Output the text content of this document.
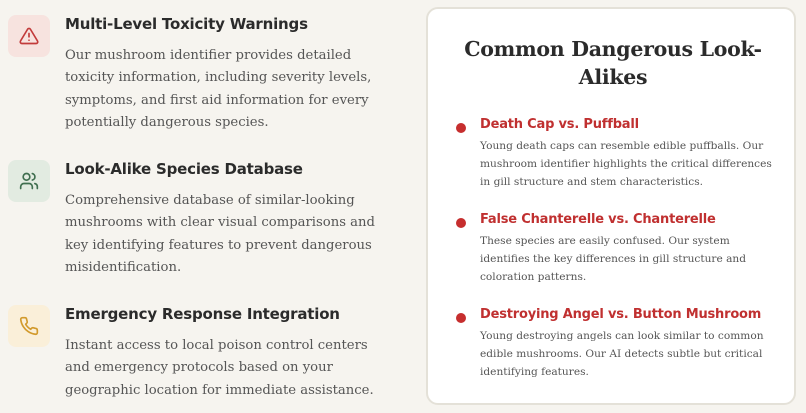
Multi-Level Toxicity Warnings
Our mushroom identifier provides detailed toxicity information, including severity levels, symptoms, and first aid information for every potentially dangerous species.
Look-Alike Species Database
Comprehensive database of similar-looking mushrooms with clear visual comparisons and key identifying features to prevent dangerous misidentification.
Emergency Response Integration
Instant access to local poison control centers and emergency protocols based on your geographic location for immediate assistance.
Common Dangerous Look-Alikes
Death Cap vs. Puffball
Young death caps can resemble edible puffballs. Our mushroom identifier highlights the critical differences in gill structure and stem characteristics.
False Chanterelle vs. Chanterelle
These species are easily confused. Our system identifies the key differences in gill structure and coloration patterns.
Destroying Angel vs. Button Mushroom
Young destroying angels can look similar to common edible mushrooms. Our AI detects subtle but critical identifying features.
